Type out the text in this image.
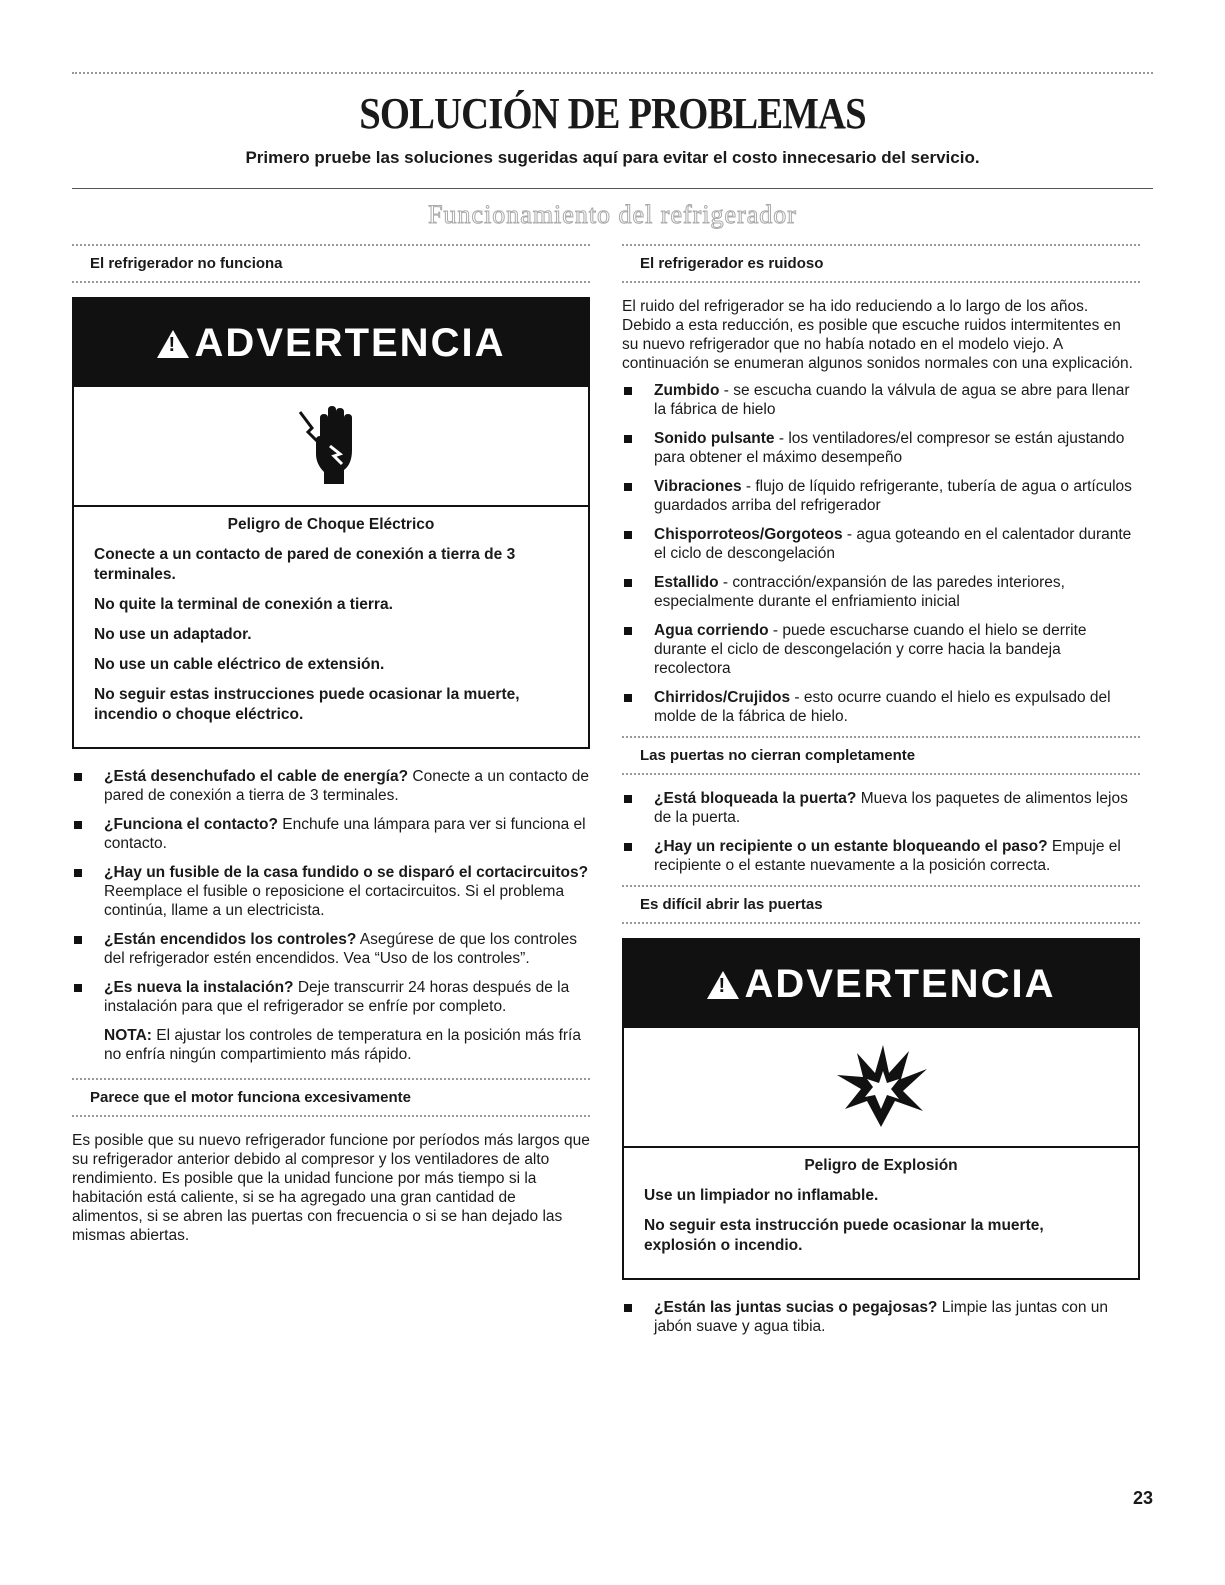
SOLUCIÓN DE PROBLEMAS
Primero pruebe las soluciones sugeridas aquí para evitar el costo innecesario del servicio.
Funcionamiento del refrigerador
El refrigerador no funciona
!ADVERTENCIA
Peligro de Choque Eléctrico

Conecte a un contacto de pared de conexión a tierra de 3 terminales.

No quite la terminal de conexión a tierra.

No use un adaptador.

No use un cable eléctrico de extensión.

No seguir estas instrucciones puede ocasionar la muerte, incendio o choque eléctrico.

¿Está desenchufado el cable de energía? Conecte a un contacto de pared de conexión a tierra de 3 terminales.
¿Funciona el contacto? Enchufe una lámpara para ver si funciona el contacto.
¿Hay un fusible de la casa fundido o se disparó el cortacircuitos? Reemplace el fusible o reposicione el cortacircuitos. Si el problema continúa, llame a un electricista.
¿Están encendidos los controles? Asegúrese de que los controles del refrigerador estén encendidos. Vea “Uso de los controles”.
¿Es nueva la instalación? Deje transcurrir 24 horas después de la instalación para que el refrigerador se enfríe por completo.

NOTA: El ajustar los controles de temperatura en la posición más fría no enfría ningún compartimiento más rápido.

Parece que el motor funciona excesivamente

Es posible que su nuevo refrigerador funcione por períodos más largos que su refrigerador anterior debido al compresor y los ventiladores de alto rendimiento. Es posible que la unidad funcione por más tiempo si la habitación está caliente, si se ha agregado una gran cantidad de alimentos, si se abren las puertas con frecuencia o si se han dejado las mismas abiertas.

El refrigerador es ruidoso

El ruido del refrigerador se ha ido reduciendo a lo largo de los años. Debido a esta reducción, es posible que escuche ruidos intermitentes en su nuevo refrigerador que no había notado en el modelo viejo. A continuación se enumeran algunos sonidos normales con una explicación.

Zumbido - se escucha cuando la válvula de agua se abre para llenar la fábrica de hielo
Sonido pulsante - los ventiladores/el compresor se están ajustando para obtener el máximo desempeño
Vibraciones - flujo de líquido refrigerante, tubería de agua o artículos guardados arriba del refrigerador
Chisporroteos/Gorgoteos - agua goteando en el calentador durante el ciclo de descongelación
Estallido - contracción/expansión de las paredes interiores, especialmente durante el enfriamiento inicial
Agua corriendo - puede escucharse cuando el hielo se derrite durante el ciclo de descongelación y corre hacia la bandeja recolectora
Chirridos/Crujidos - esto ocurre cuando el hielo es expulsado del molde de la fábrica de hielo.
Las puertas no cierran completamente
¿Está bloqueada la puerta? Mueva los paquetes de alimentos lejos de la puerta.
¿Hay un recipiente o un estante bloqueando el paso? Empuje el recipiente o el estante nuevamente a la posición correcta.
Es difícil abrir las puertas
!ADVERTENCIA
Peligro de Explosión

Use un limpiador no inflamable.

No seguir esta instrucción puede ocasionar la muerte, explosión o incendio.

¿Están las juntas sucias o pegajosas? Limpie las juntas con un jabón suave y agua tibia.
23
